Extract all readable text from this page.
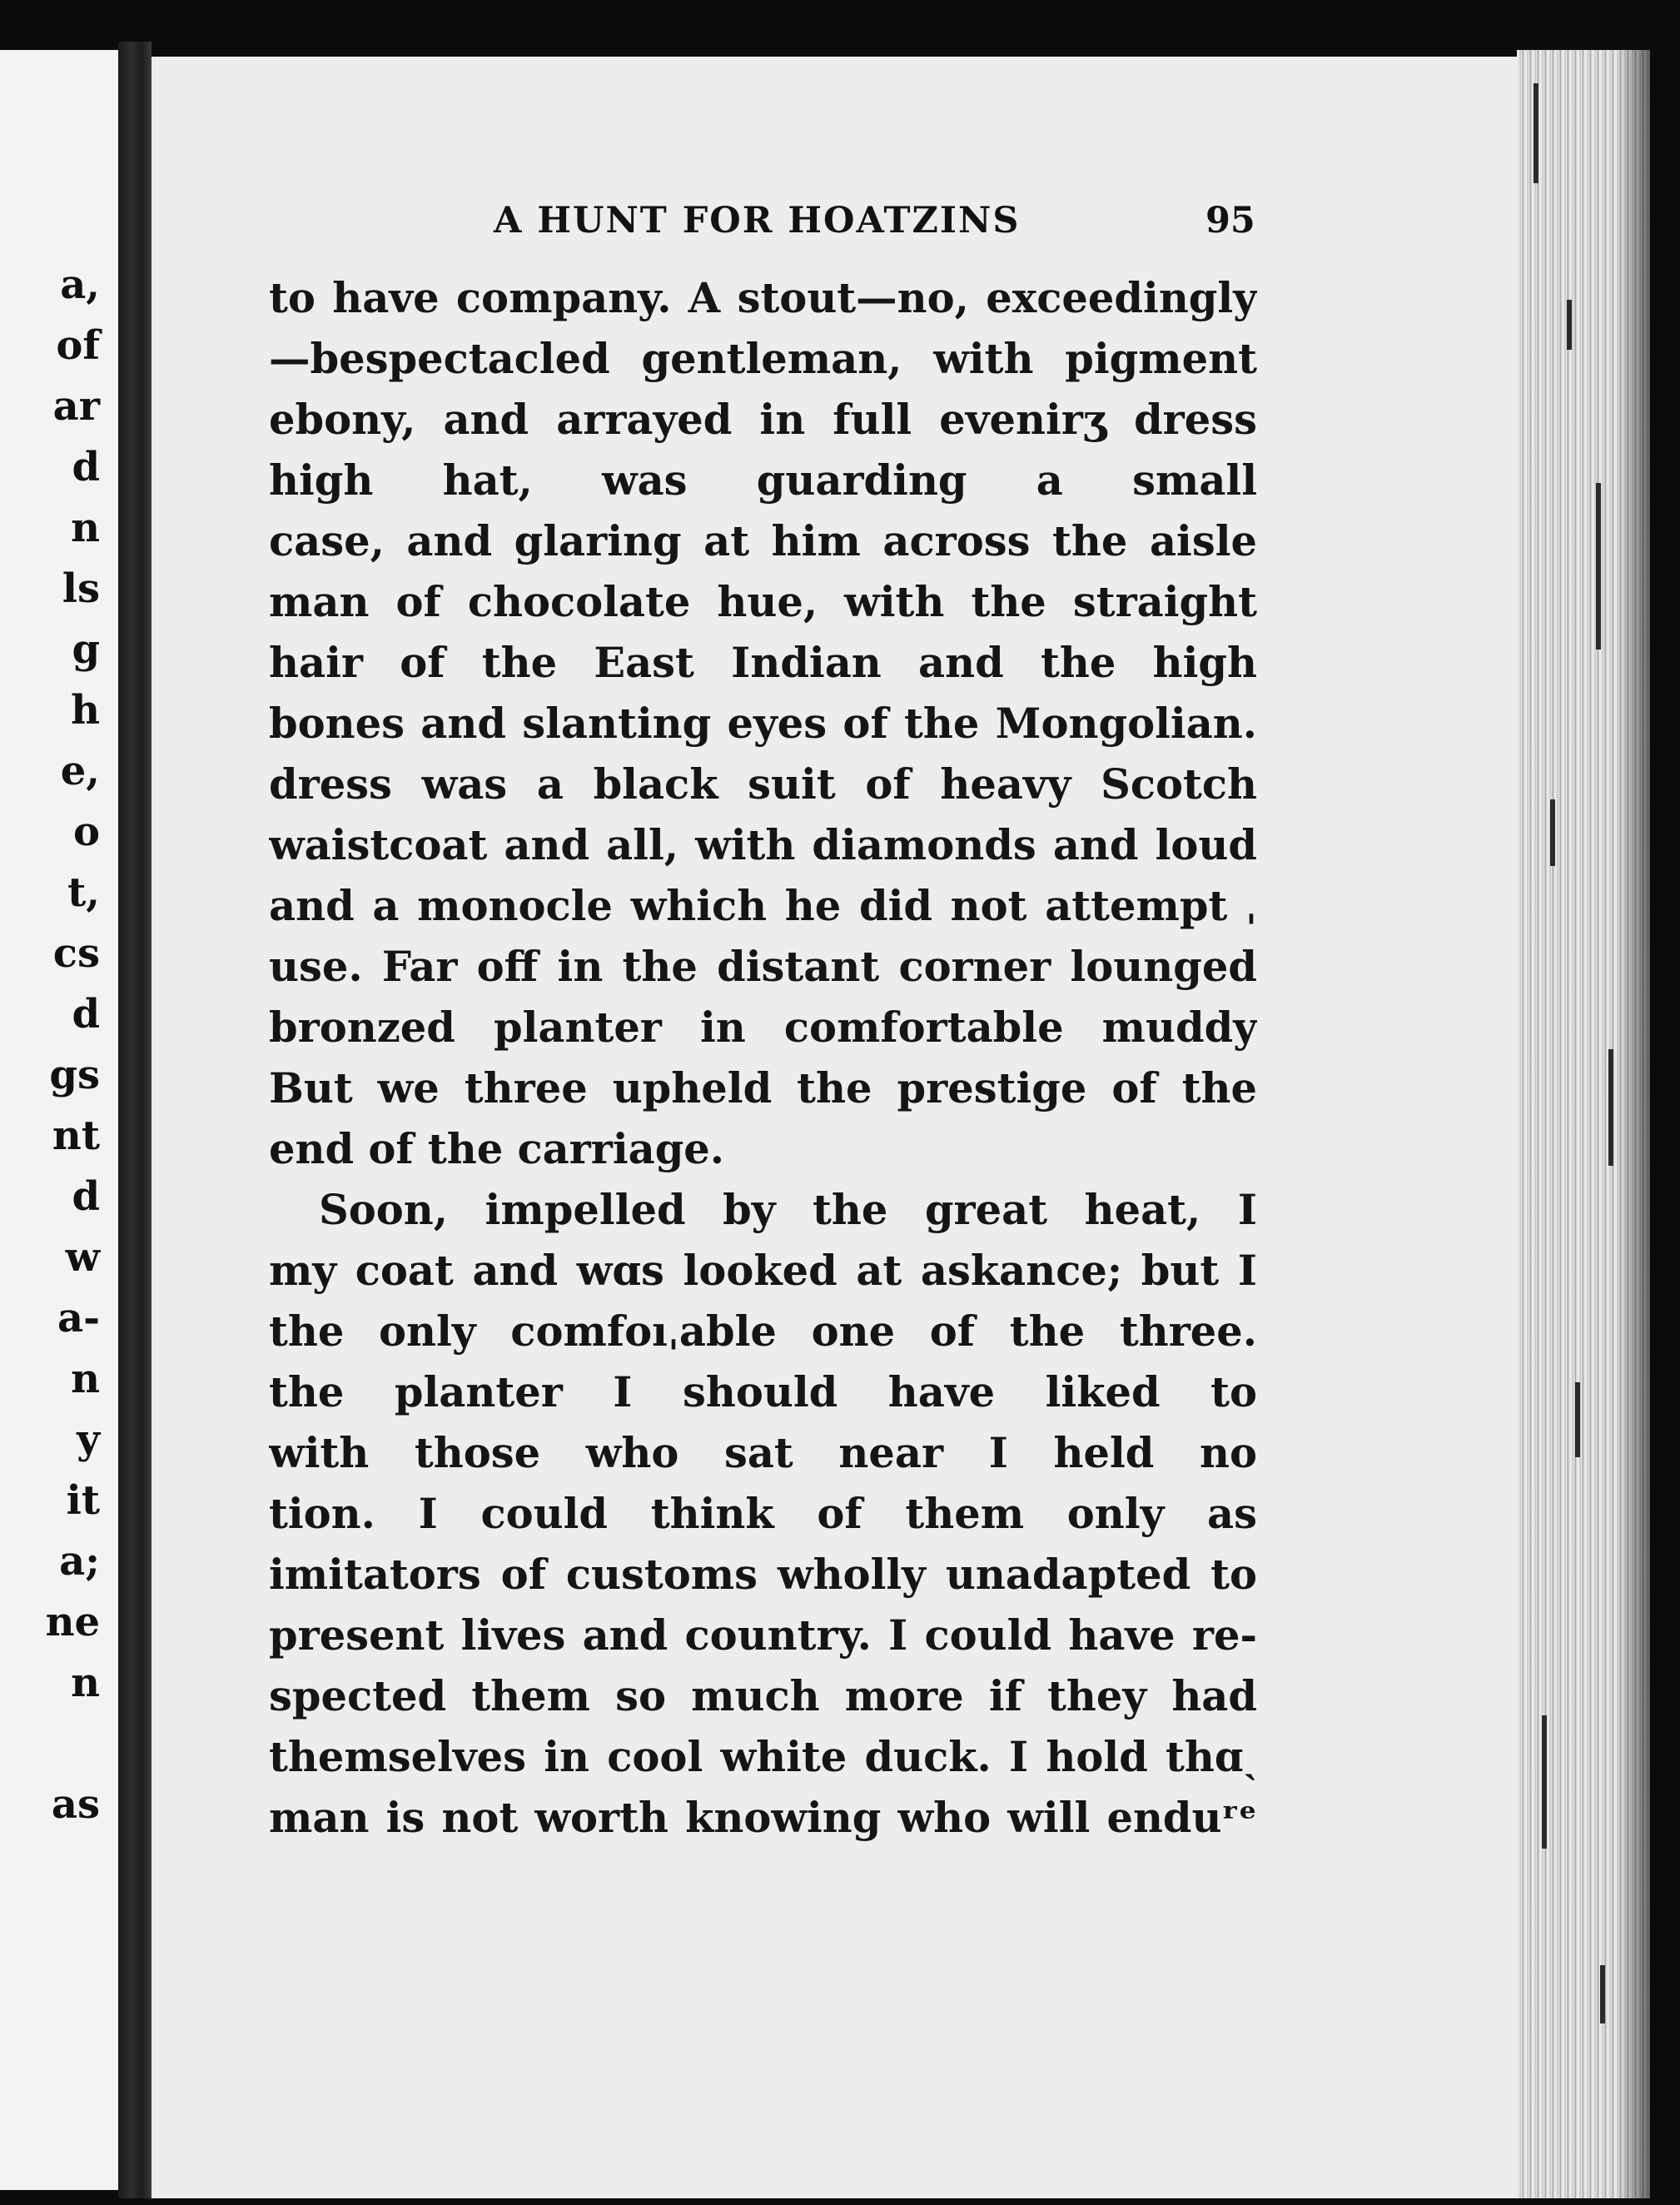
a,
of
ar
d
n
ls
g
h
e,
o
t,
cs
d
gs
nt
d
w
a-
n
y
it
a;
ne
n
as
A HUNT FOR HOATZINS	95
to have company. A stout—no, exceedingly
—bespectacled gentleman, with pigment
ebony, and arrayed in full evenirʒ dress
high hat, was guarding a small
case, and glaring at him across the aisle
man of chocolate hue, with the straight
hair of the East Indian and the high
bones and slanting eyes of the Mongolian.
dress was a black suit of heavy Scotch
waistcoat and all, with diamonds and loud
and a monocle which he did not attempt ˌ
use. Far off in the distant corner lounged
bronzed planter in comfortable muddy
But we three upheld the prestige of the
end of the carriage.
Soon, impelled by the great heat, I
my coat and wɑs looked at askance; but I
the only comfoıˌable one of the three.
the planter I should have liked to
with those who sat near I held no
tion. I could think of them only as
imitators of customs wholly unadapted to
present lives and country. I could have re-
spected them so much more if they had
themselves in cool white duck. I hold thɑˎ
man is not worth knowing who will enduʳᵉ
